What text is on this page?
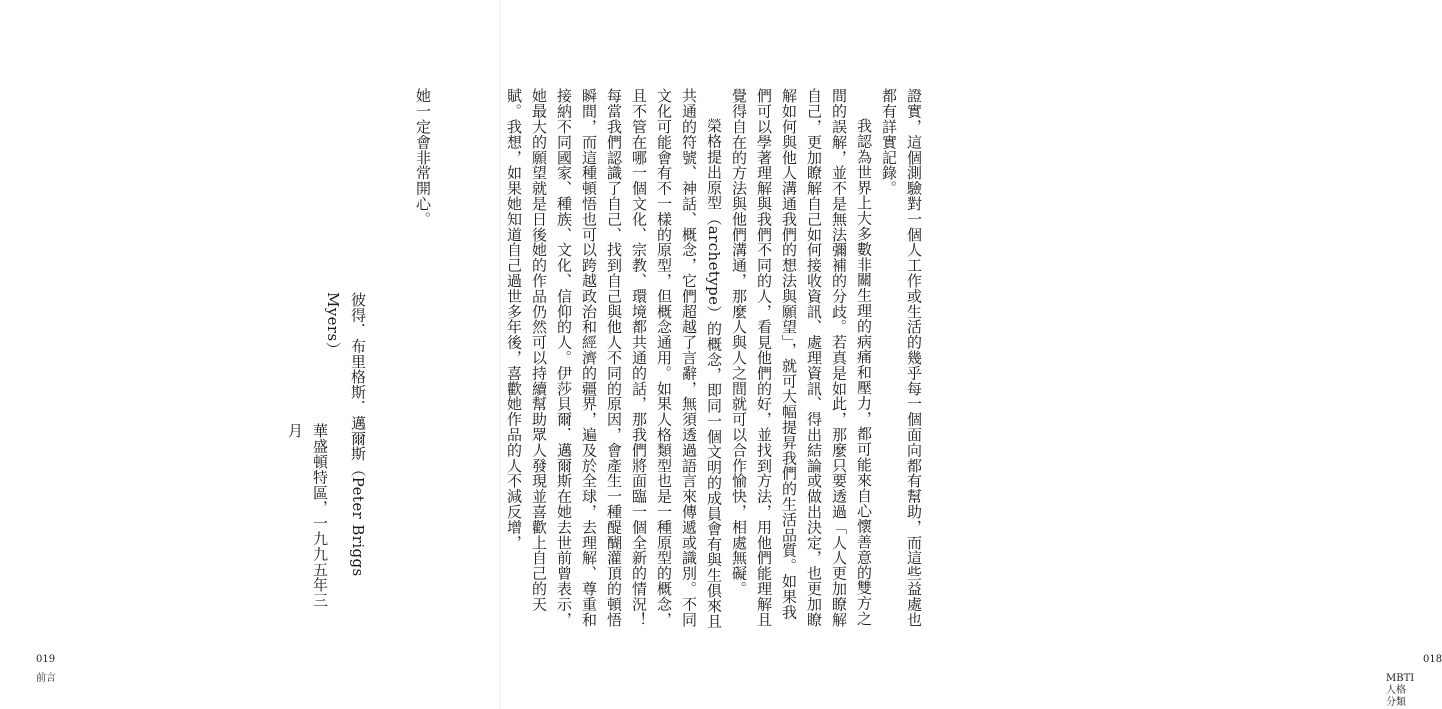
她一定會非常開心。

彼得．布里格斯．邁爾斯（Peter Briggs Myers）

華盛頓特區，一九九五年三月

019
前言

證實，這個測驗對一個人工作或生活的幾乎每一個面向都有幫助，而這些益處也都有詳實記錄。

我認為世界上大多數非關生理的病痛和壓力，都可能來自心懷善意的雙方之間的誤解，並不是無法彌補的分歧。若真是如此，那麼只要透過「人人更加瞭解自己，更加瞭解自己如何接收資訊、處理資訊、得出結論或做出決定，也更加瞭解如何與他人溝通我們的想法與願望」，就可大幅提昇我們的生活品質。如果我們可以學著理解與我們不同的人，看見他們的好，並找到方法，用他們能理解且覺得自在的方法與他們溝通，那麼人與人之間就可以合作愉快，相處無礙。

榮格提出原型（archetype）的概念，即同一個文明的成員會有與生俱來且共通的符號、神話、概念，它們超越了言辭，無須透過語言來傳遞或識別。不同文化可能會有不一樣的原型，但概念通用。如果人格類型也是一種原型的概念，且不管在哪一個文化、宗教、環境都共通的話，那我們將面臨一個全新的情況！每當我們認識了自己、找到自己與他人不同的原因，會產生一種醍醐灌頂的頓悟瞬間，而這種頓悟也可以跨越政治和經濟的疆界，遍及於全球，去理解、尊重和接納不同國家、種族、文化、信仰的人。伊莎貝爾．邁爾斯在她去世前曾表示，她最大的願望就是日後她的作品仍然可以持續幫助眾人發現並喜歡上自己的天賦。我想，如果她知道自己過世多年後，喜歡她作品的人不減反增，

018
MBTI 人格分類
